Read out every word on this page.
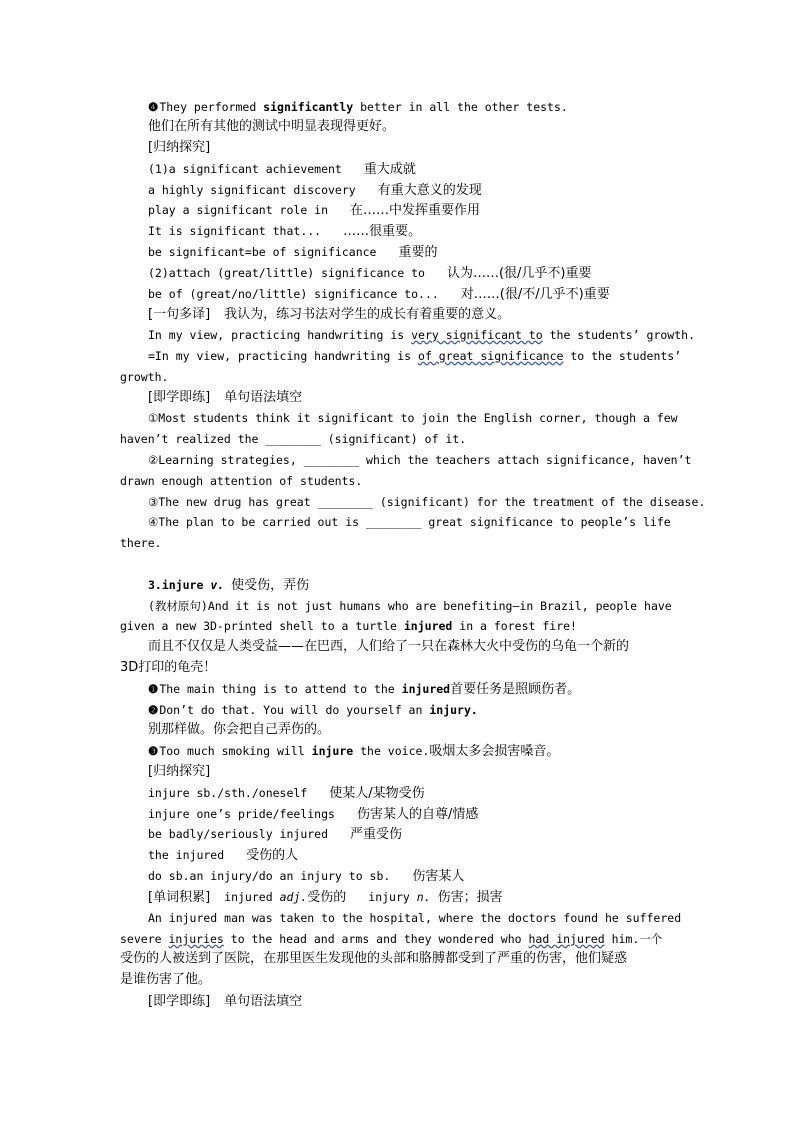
❹They performed significantly better in all the other tests.
他们在所有其他的测试中明显表现得更好。
[归纳探究]
(1)a significant achievement 重大成就
a highly significant discovery 有重大意义的发现
play a significant role in 在……中发挥重要作用
It is significant that... ……很重要。
be significant=be of significance 重要的
(2)attach (great/little) significance to 认为……(很/几乎不)重要
be of (great/no/little) significance to... 对……(很/不/几乎不)重要
[一句多译] 我认为，练习书法对学生的成长有着重要的意义。
In my view, practicing handwriting is very significant to the students’ growth.
=In my view, practicing handwriting is of great significance to the students’
growth.
[即学即练] 单句语法填空
①Most students think it significant to join the English corner, though a few
haven’t realized the ________ (significant) of it.
②Learning strategies, ________ which the teachers attach significance, haven’t
drawn enough attention of students.
③The new drug has great ________ (significant) for the treatment of the disease.
④The plan to be carried out is ________ great significance to people’s life
there.
3.injure v. 使受伤，弄伤
(教材原句)And it is not just humans who are benefiting—in Brazil, people have
given a new 3D-printed shell to a turtle injured in a forest fire!
而且不仅仅是人类受益——在巴西，人们给了一只在森林大火中受伤的乌龟一个新的
3D打印的龟壳！
❶The main thing is to attend to the injured首要任务是照顾伤者。
❷Don’t do that. You will do yourself an injury.
别那样做。你会把自己弄伤的。
❸Too much smoking will injure the voice.吸烟太多会损害嗓音。
[归纳探究]
injure sb./sth./oneself 使某人/某物受伤
injure one’s pride/feelings 伤害某人的自尊/情感
be badly/seriously injured 严重受伤
the injured 受伤的人
do sb.an injury/do an injury to sb. 伤害某人
[单词积累] injured adj.受伤的 injury n. 伤害；损害
An injured man was taken to the hospital, where the doctors found he suffered
severe injuries to the head and arms and they wondered who had injured him.一个
受伤的人被送到了医院，在那里医生发现他的头部和胳膊都受到了严重的伤害，他们疑惑
是谁伤害了他。
[即学即练] 单句语法填空
